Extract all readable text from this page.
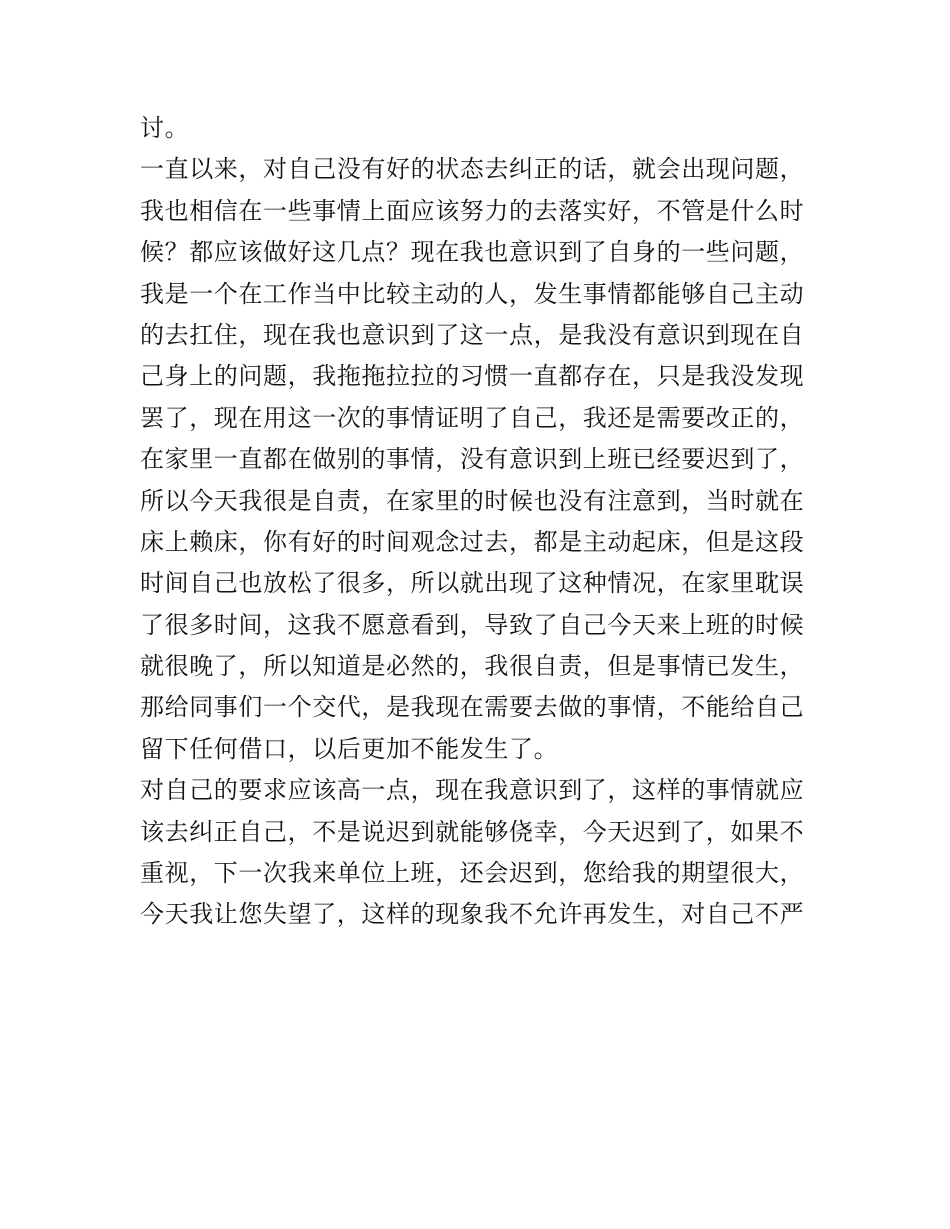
讨。
一直以来，对自己没有好的状态去纠正的话，就会出现问题，
我也相信在一些事情上面应该努力的去落实好，不管是什么时
候？都应该做好这几点？现在我也意识到了自身的一些问题，
我是一个在工作当中比较主动的人，发生事情都能够自己主动
的去扛住，现在我也意识到了这一点，是我没有意识到现在自
己身上的问题，我拖拖拉拉的习惯一直都存在，只是我没发现
罢了，现在用这一次的事情证明了自己，我还是需要改正的，
在家里一直都在做别的事情，没有意识到上班已经要迟到了，
所以今天我很是自责，在家里的时候也没有注意到，当时就在
床上赖床，你有好的时间观念过去，都是主动起床，但是这段
时间自己也放松了很多，所以就出现了这种情况，在家里耽误
了很多时间，这我不愿意看到，导致了自己今天来上班的时候
就很晚了，所以知道是必然的，我很自责，但是事情已发生，
那给同事们一个交代，是我现在需要去做的事情，不能给自己
留下任何借口，以后更加不能发生了。
对自己的要求应该高一点，现在我意识到了，这样的事情就应
该去纠正自己，不是说迟到就能够侥幸，今天迟到了，如果不
重视，下一次我来单位上班，还会迟到，您给我的期望很大，
今天我让您失望了，这样的现象我不允许再发生，对自己不严
